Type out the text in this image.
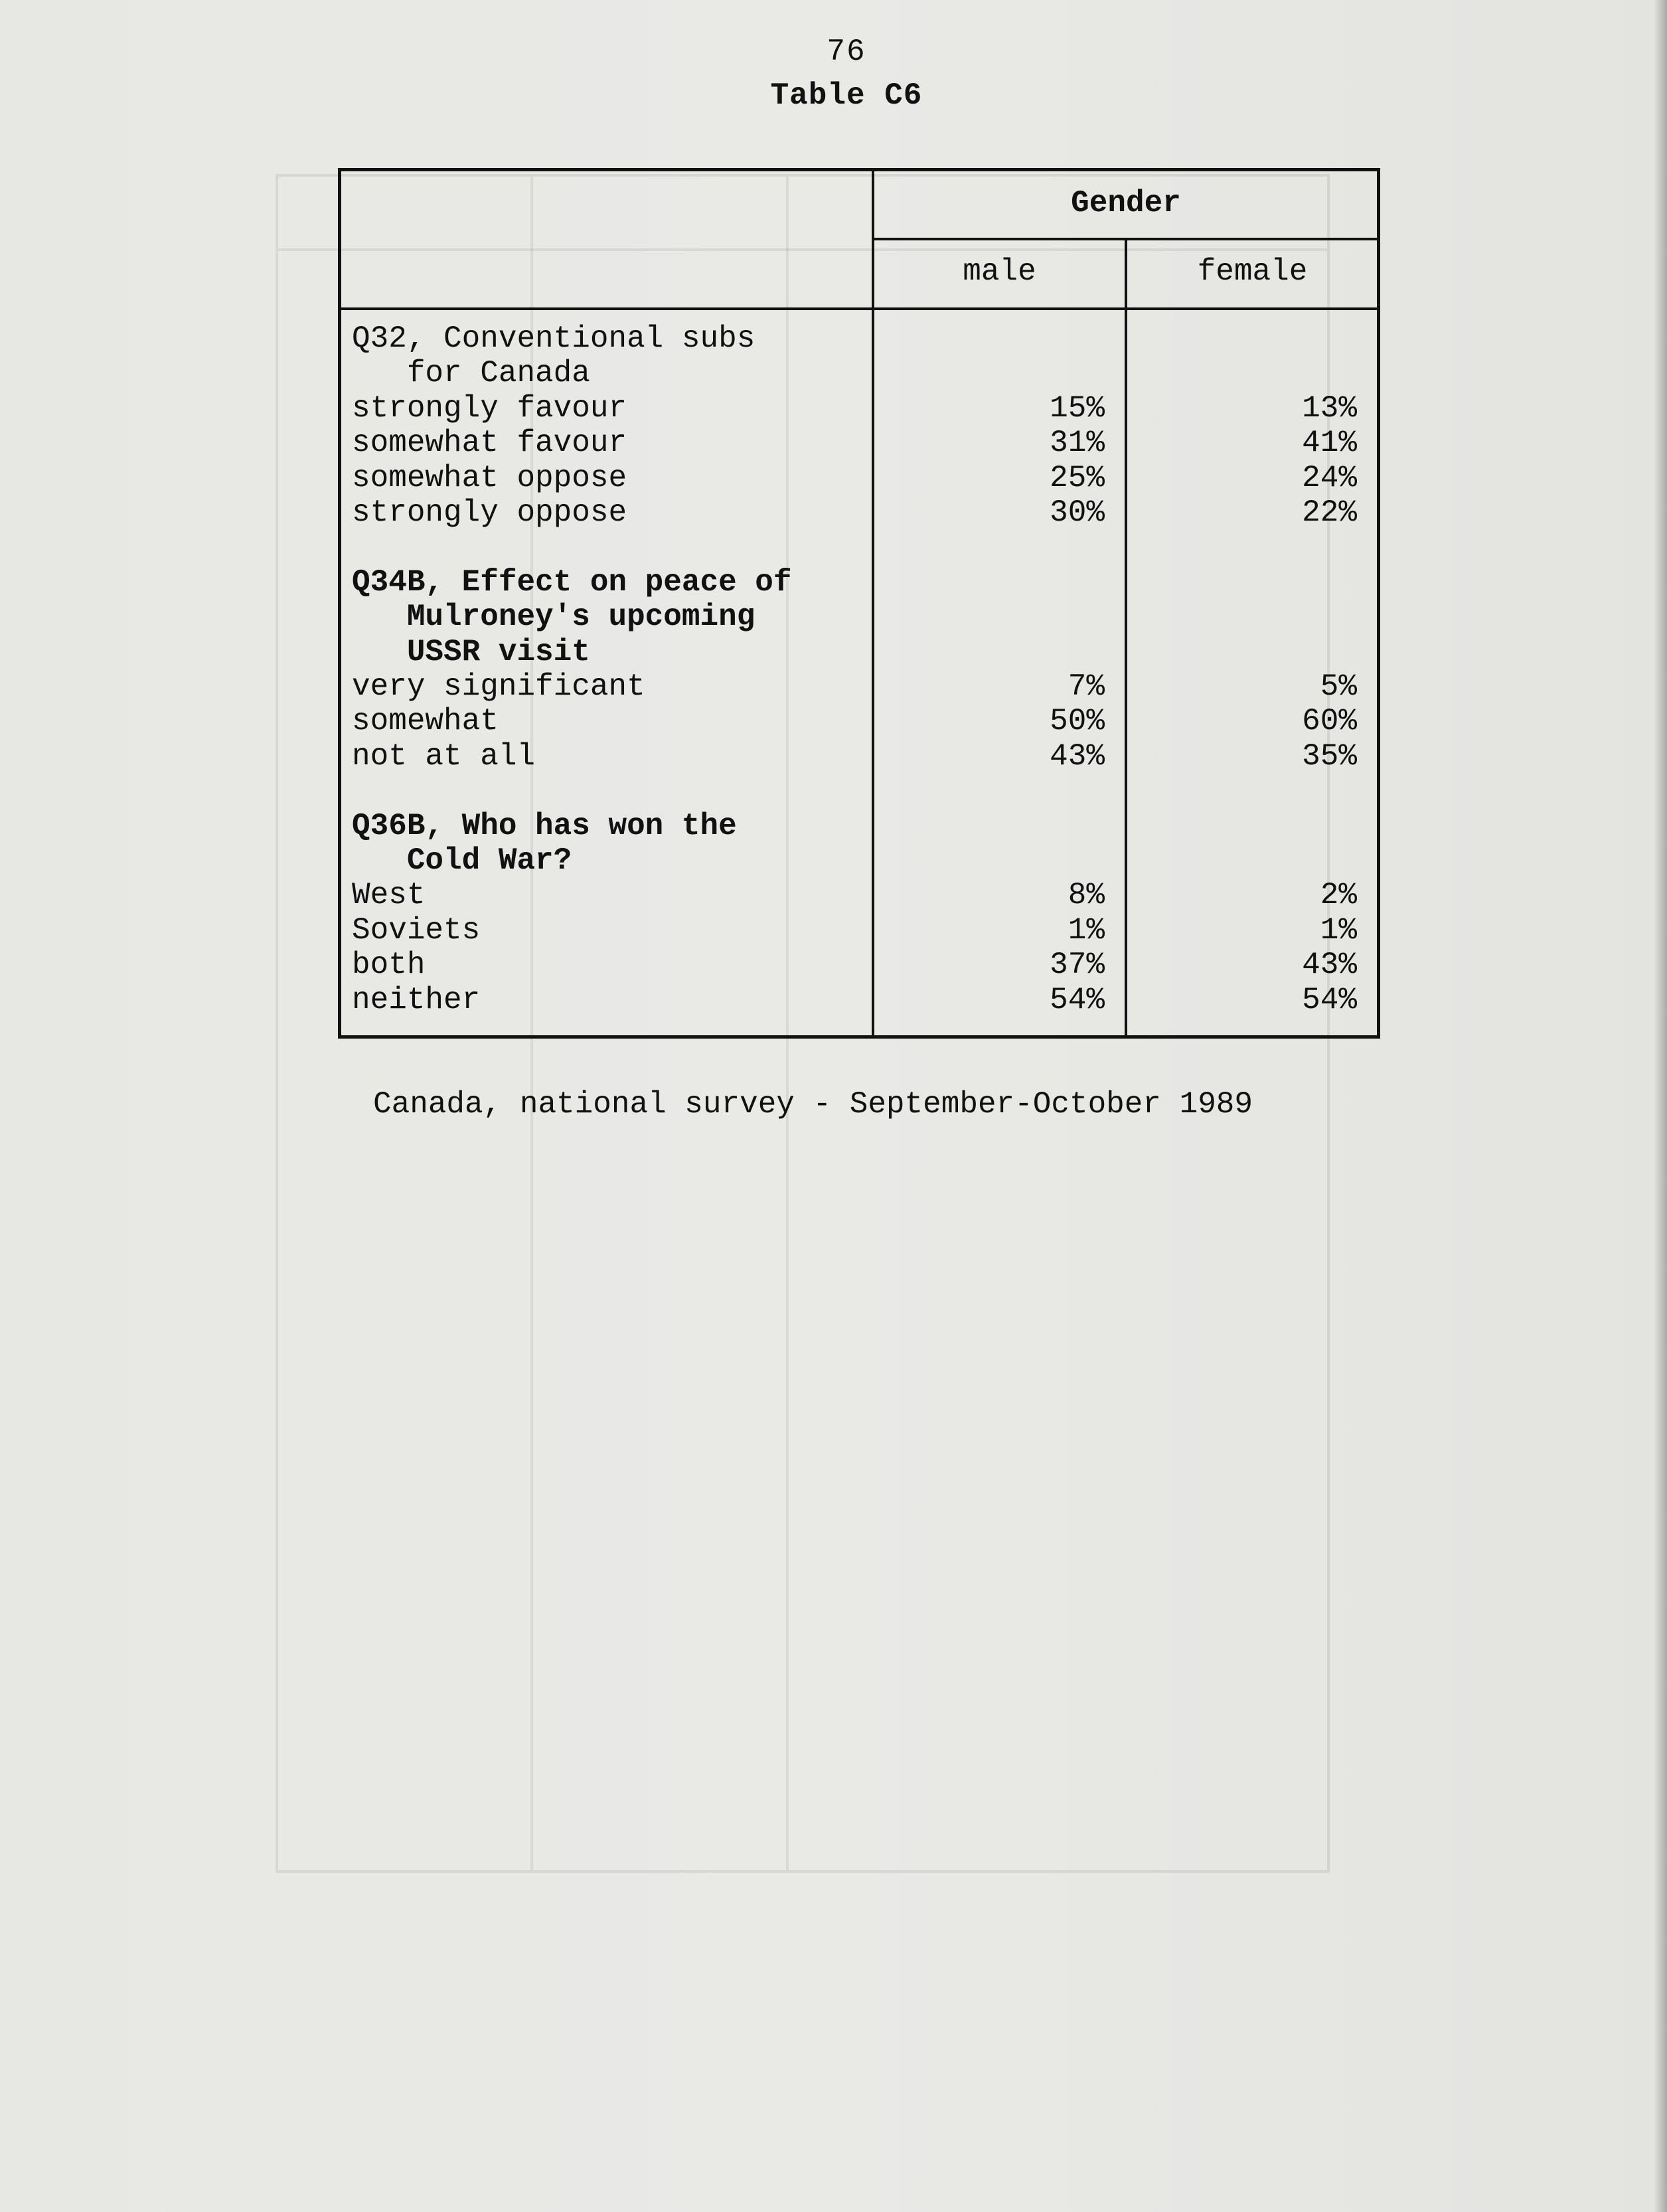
76
Table C6
Gender
male	female
Q32, Conventional subs
for Canada
strongly favour	15%	13%
somewhat favour	31%	41%
somewhat oppose	25%	24%
strongly oppose	30%	22%
Q34B, Effect on peace of
Mulroney's upcoming
USSR visit
very significant	7%	5%
somewhat	50%	60%
not at all	43%	35%
Q36B, Who has won the
Cold War?
West	8%	2%
Soviets	1%	1%
both	37%	43%
neither	54%	54%
Canada, national survey - September-October 1989
